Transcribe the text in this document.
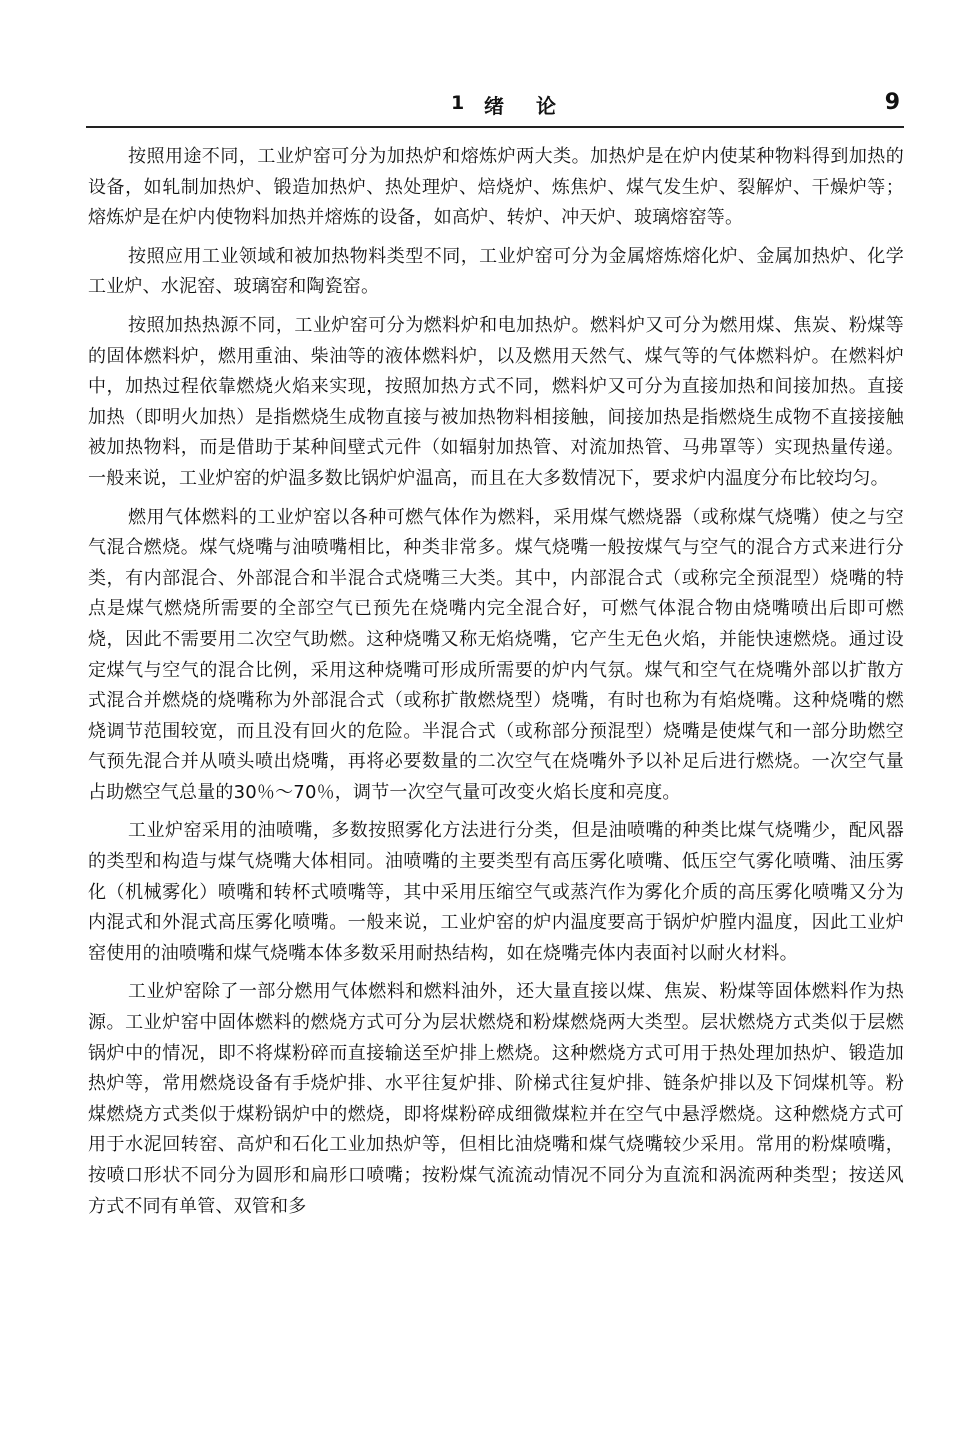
1 绪论	9

按照用途不同，工业炉窑可分为加热炉和熔炼炉两大类。加热炉是在炉内使某种物料得到加热的设备，如轧制加热炉、锻造加热炉、热处理炉、焙烧炉、炼焦炉、煤气发生炉、裂解炉、干燥炉等；熔炼炉是在炉内使物料加热并熔炼的设备，如高炉、转炉、冲天炉、玻璃熔窑等。

按照应用工业领域和被加热物料类型不同，工业炉窑可分为金属熔炼熔化炉、金属加热炉、化学工业炉、水泥窑、玻璃窑和陶瓷窑。

按照加热热源不同，工业炉窑可分为燃料炉和电加热炉。燃料炉又可分为燃用煤、焦炭、粉煤等的固体燃料炉，燃用重油、柴油等的液体燃料炉，以及燃用天然气、煤气等的气体燃料炉。在燃料炉中，加热过程依靠燃烧火焰来实现，按照加热方式不同，燃料炉又可分为直接加热和间接加热。直接加热（即明火加热）是指燃烧生成物直接与被加热物料相接触，间接加热是指燃烧生成物不直接接触被加热物料，而是借助于某种间壁式元件（如辐射加热管、对流加热管、马弗罩等）实现热量传递。一般来说，工业炉窑的炉温多数比锅炉炉温高，而且在大多数情况下，要求炉内温度分布比较均匀。

燃用气体燃料的工业炉窑以各种可燃气体作为燃料，采用煤气燃烧器（或称煤气烧嘴）使之与空气混合燃烧。煤气烧嘴与油喷嘴相比，种类非常多。煤气烧嘴一般按煤气与空气的混合方式来进行分类，有内部混合、外部混合和半混合式烧嘴三大类。其中，内部混合式（或称完全预混型）烧嘴的特点是煤气燃烧所需要的全部空气已预先在烧嘴内完全混合好，可燃气体混合物由烧嘴喷出后即可燃烧，因此不需要用二次空气助燃。这种烧嘴又称无焰烧嘴，它产生无色火焰，并能快速燃烧。通过设定煤气与空气的混合比例，采用这种烧嘴可形成所需要的炉内气氛。煤气和空气在烧嘴外部以扩散方式混合并燃烧的烧嘴称为外部混合式（或称扩散燃烧型）烧嘴，有时也称为有焰烧嘴。这种烧嘴的燃烧调节范围较宽，而且没有回火的危险。半混合式（或称部分预混型）烧嘴是使煤气和一部分助燃空气预先混合并从喷头喷出烧嘴，再将必要数量的二次空气在烧嘴外予以补足后进行燃烧。一次空气量占助燃空气总量的30％～70％，调节一次空气量可改变火焰长度和亮度。

工业炉窑采用的油喷嘴，多数按照雾化方法进行分类，但是油喷嘴的种类比煤气烧嘴少，配风器的类型和构造与煤气烧嘴大体相同。油喷嘴的主要类型有高压雾化喷嘴、低压空气雾化喷嘴、油压雾化（机械雾化）喷嘴和转杯式喷嘴等，其中采用压缩空气或蒸汽作为雾化介质的高压雾化喷嘴又分为内混式和外混式高压雾化喷嘴。一般来说，工业炉窑的炉内温度要高于锅炉炉膛内温度，因此工业炉窑使用的油喷嘴和煤气烧嘴本体多数采用耐热结构，如在烧嘴壳体内表面衬以耐火材料。

工业炉窑除了一部分燃用气体燃料和燃料油外，还大量直接以煤、焦炭、粉煤等固体燃料作为热源。工业炉窑中固体燃料的燃烧方式可分为层状燃烧和粉煤燃烧两大类型。层状燃烧方式类似于层燃锅炉中的情况，即不将煤粉碎而直接输送至炉排上燃烧。这种燃烧方式可用于热处理加热炉、锻造加热炉等，常用燃烧设备有手烧炉排、水平往复炉排、阶梯式往复炉排、链条炉排以及下饲煤机等。粉煤燃烧方式类似于煤粉锅炉中的燃烧，即将煤粉碎成细微煤粒并在空气中悬浮燃烧。这种燃烧方式可用于水泥回转窑、高炉和石化工业加热炉等，但相比油烧嘴和煤气烧嘴较少采用。常用的粉煤喷嘴，按喷口形状不同分为圆形和扁形口喷嘴；按粉煤气流流动情况不同分为直流和涡流两种类型；按送风方式不同有单管、双管和多
